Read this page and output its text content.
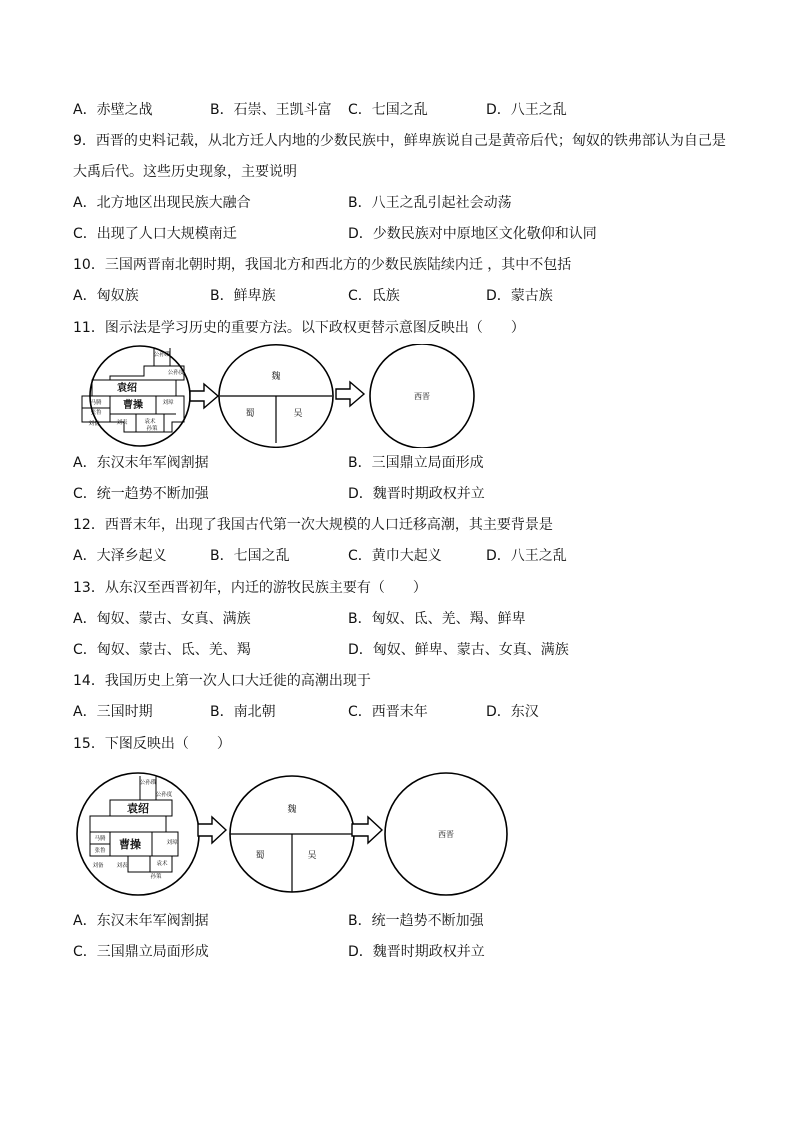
A．赤壁之战	B．石崇、王凯斗富 C．七国之乱	D．八王之乱
9．西晋的史料记载，从北方迁人内地的少数民族中，鲜卑族说自己是黄帝后代；匈奴的铁弗部认为自己是
大禹后代。这些历史现象，主要说明
A．北方地区出现民族大融合	B．八王之乱引起社会动荡
C．出现了人口大规模南迁	D．少数民族对中原地区文化敬仰和认同
10．三国两晋南北朝时期，我国北方和西北方的少数民族陆续内迁 ，其中不包括
A．匈奴族	B．鲜卑族	C．氐族	D．蒙古族
11．图示法是学习历史的重要方法。以下政权更替示意图反映出（　　）
公孙瓒
公孙度
袁绍
曹操
马腾
张鲁
刘备	刘表	袁术
孙策
刘璋
魏
蜀	吴
西晋
A．东汉末年军阀割据	B．三国鼎立局面形成
C．统一趋势不断加强	D．魏晋时期政权并立
12．西晋末年，出现了我国古代第一次大规模的人口迁移高潮，其主要背景是
A．大泽乡起义	B．七国之乱	C．黄巾大起义	D．八王之乱
13．从东汉至西晋初年，内迁的游牧民族主要有（　　）
A．匈奴、蒙古、女真、满族	B．匈奴、氐、羌、羯、鲜卑
C．匈奴、蒙古、氐、羌、羯	D．匈奴、鲜卑、蒙古、女真、满族
14．我国历史上第一次人口大迁徙的高潮出现于
A．三国时期	B．南北朝	C．西晋末年	D．东汉
15．下图反映出（　　）
公孙瓒
公孙度
袁绍
曹操
马腾
张鲁
刘备 刘表	袁术
孙策
刘璋
魏
蜀	吴
西晋
A．东汉末年军阀割据	B．统一趋势不断加强
C．三国鼎立局面形成	D．魏晋时期政权并立
